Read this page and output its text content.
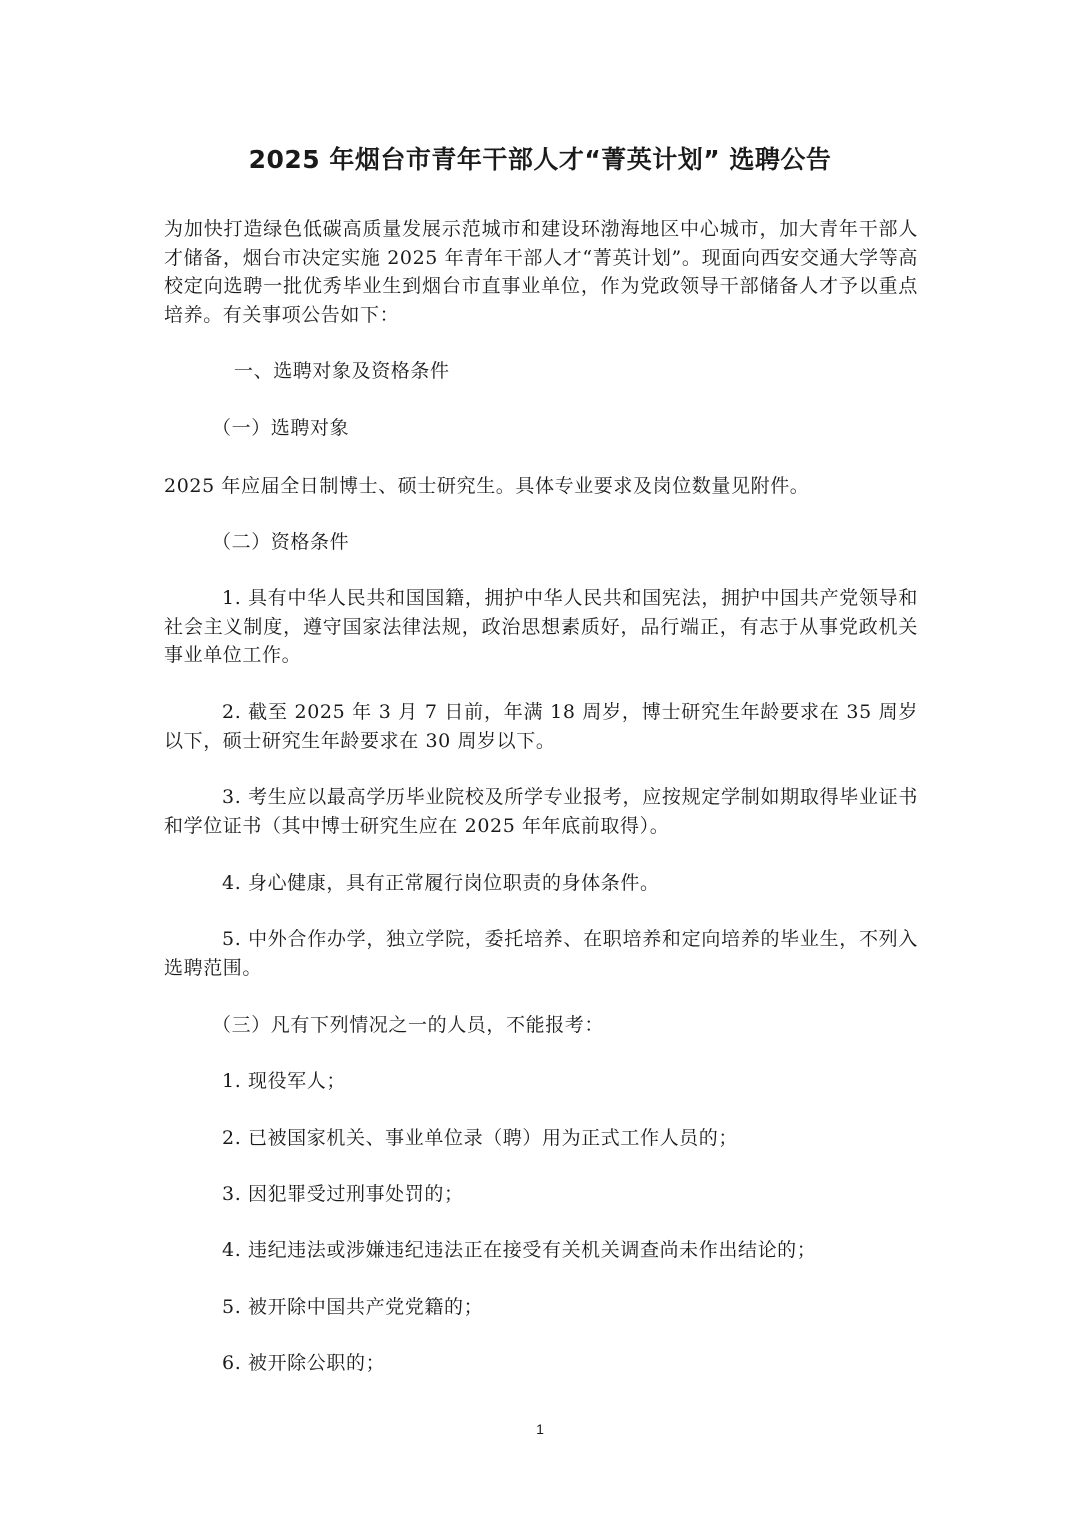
2025 年烟台市青年干部人才“菁英计划” 选聘公告

为加快打造绿色低碳高质量发展示范城市和建设环渤海地区中心城市，加大青年干部人才储备，烟台市决定实施 2025 年青年干部人才“菁英计划”。现面向西安交通大学等高校定向选聘一批优秀毕业生到烟台市直事业单位，作为党政领导干部储备人才予以重点培养。有关事项公告如下：

一、选聘对象及资格条件

（一）选聘对象

2025 年应届全日制博士、硕士研究生。具体专业要求及岗位数量见附件。

（二）资格条件

1. 具有中华人民共和国国籍，拥护中华人民共和国宪法，拥护中国共产党领导和社会主义制度，遵守国家法律法规，政治思想素质好，品行端正，有志于从事党政机关事业单位工作。

2. 截至 2025 年 3 月 7 日前，年满 18 周岁，博士研究生年龄要求在 35 周岁以下，硕士研究生年龄要求在 30 周岁以下。

3. 考生应以最高学历毕业院校及所学专业报考，应按规定学制如期取得毕业证书和学位证书（其中博士研究生应在 2025 年年底前取得）。

4. 身心健康，具有正常履行岗位职责的身体条件。

5. 中外合作办学，独立学院，委托培养、在职培养和定向培养的毕业生，不列入选聘范围。

（三）凡有下列情况之一的人员，不能报考：

1. 现役军人；

2. 已被国家机关、事业单位录（聘）用为正式工作人员的；

3. 因犯罪受过刑事处罚的；

4. 违纪违法或涉嫌违纪违法正在接受有关机关调查尚未作出结论的；

5. 被开除中国共产党党籍的；

6. 被开除公职的；

1
